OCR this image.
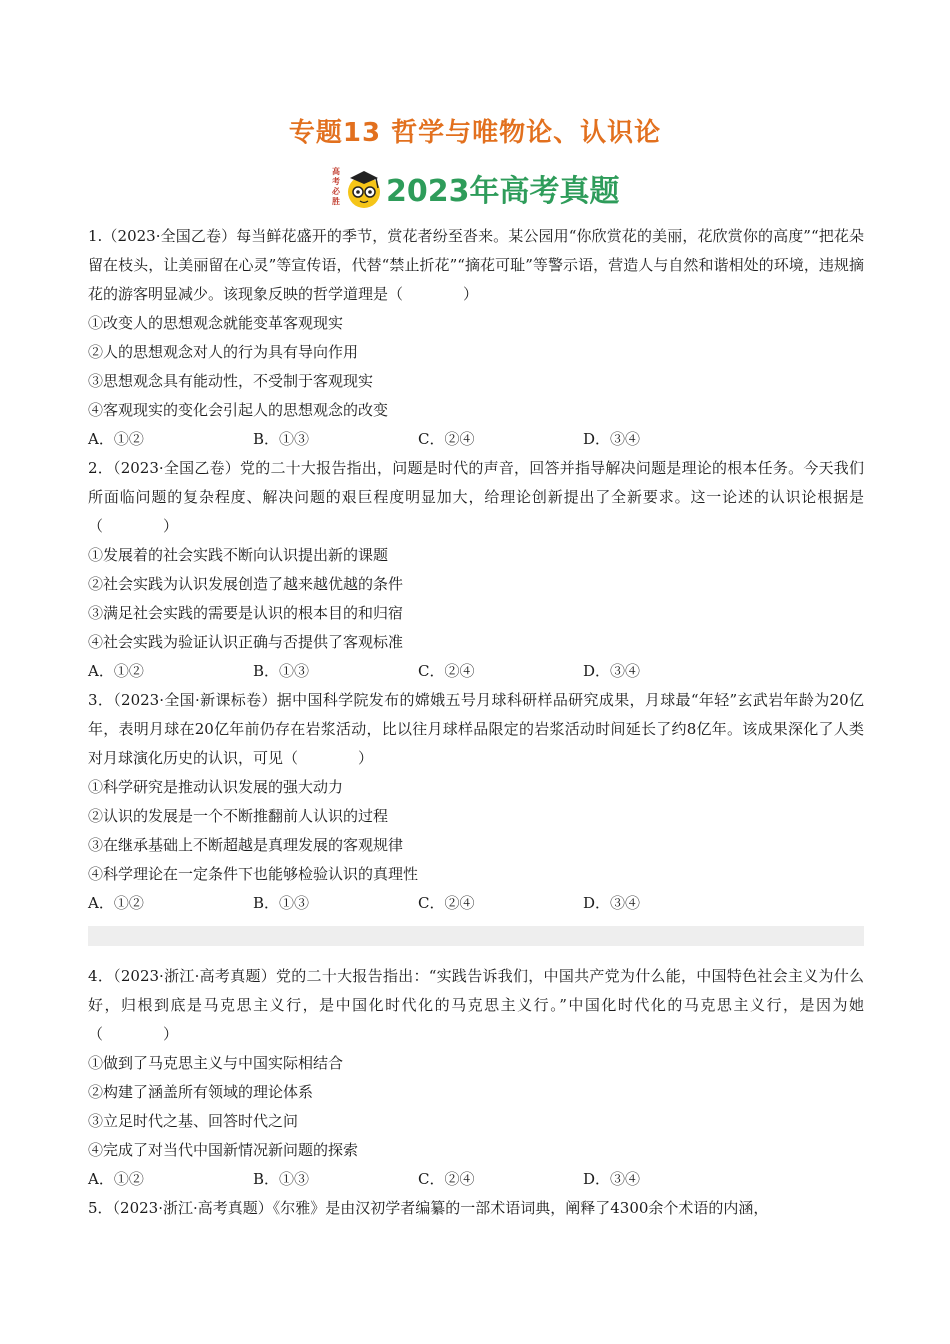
专题13 哲学与唯物论、认识论
高考必胜 2023年高考真题

1.（2023·全国乙卷）每当鲜花盛开的季节，赏花者纷至沓来。某公园用“你欣赏花的美丽，花欣赏你的高度”“把花朵留在枝头，让美丽留在心灵”等宣传语，代替“禁止折花”“摘花可耻”等警示语，营造人与自然和谐相处的环境，违规摘花的游客明显减少。该现象反映的哲学道理是（　　　　）

①改变人的思想观念就能变革客观现实

②人的思想观念对人的行为具有导向作用

③思想观念具有能动性，不受制于客观现实

④客观现实的变化会引起人的思想观念的改变

A．①②	B．①③	C．②④	D．③④

2．（2023·全国乙卷）党的二十大报告指出，问题是时代的声音，回答并指导解决问题是理论的根本任务。今天我们所面临问题的复杂程度、解决问题的艰巨程度明显加大，给理论创新提出了全新要求。这一论述的认识论根据是（　　　　）

①发展着的社会实践不断向认识提出新的课题

②社会实践为认识发展创造了越来越优越的条件

③满足社会实践的需要是认识的根本目的和归宿

④社会实践为验证认识正确与否提供了客观标准

A．①②	B．①③	C．②④	D．③④

3．（2023·全国·新课标卷）据中国科学院发布的嫦娥五号月球科研样品研究成果，月球最“年轻”玄武岩年龄为20亿年，表明月球在20亿年前仍存在岩浆活动，比以往月球样品限定的岩浆活动时间延长了约8亿年。该成果深化了人类对月球演化历史的认识，可见（　　　　）

①科学研究是推动认识发展的强大动力

②认识的发展是一个不断推翻前人认识的过程

③在继承基础上不断超越是真理发展的客观规律

④科学理论在一定条件下也能够检验认识的真理性

A．①②	B．①③	C．②④	D．③④

4．（2023·浙江·高考真题）党的二十大报告指出：“实践告诉我们，中国共产党为什么能，中国特色社会主义为什么好，归根到底是马克思主义行，是中国化时代化的马克思主义行。”中国化时代化的马克思主义行，是因为她（　　　　）

①做到了马克思主义与中国实际相结合

②构建了涵盖所有领域的理论体系

③立足时代之基、回答时代之问

④完成了对当代中国新情况新问题的探索

A．①②	B．①③	C．②④	D．③④

5．（2023·浙江·高考真题）《尔雅》是由汉初学者编纂的一部术语词典，阐释了4300余个术语的内涵，
